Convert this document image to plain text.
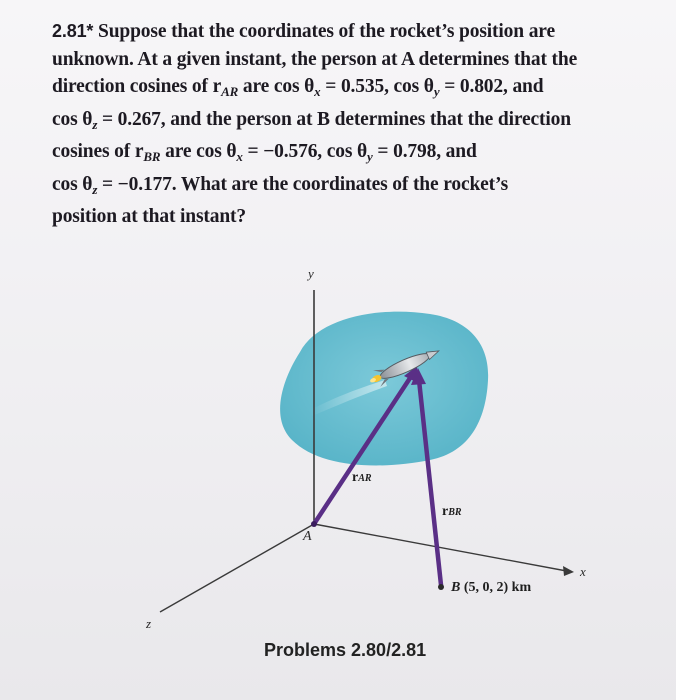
2.81* Suppose that the coordinates of the rocket’s position are
unknown. At a given instant, the person at A determines that the
direction cosines of $r_{AR}$ are $\cos \theta_x = 0.535$, $\cos \theta_y = 0.802$, and
$\cos \theta_z = 0.267$, and the person at B determines that the direction
cosines of $r_{BR}$ are $\cos \theta_x = -0.576$, $\cos \theta_y = 0.798$, and
$\cos \theta_z = -0.177$. What are the coordinates of the rocket’s
position at that instant?
y
x
z
rAR
rBR
A
B (5, 0, 2) km
Problems 2.80/2.81
